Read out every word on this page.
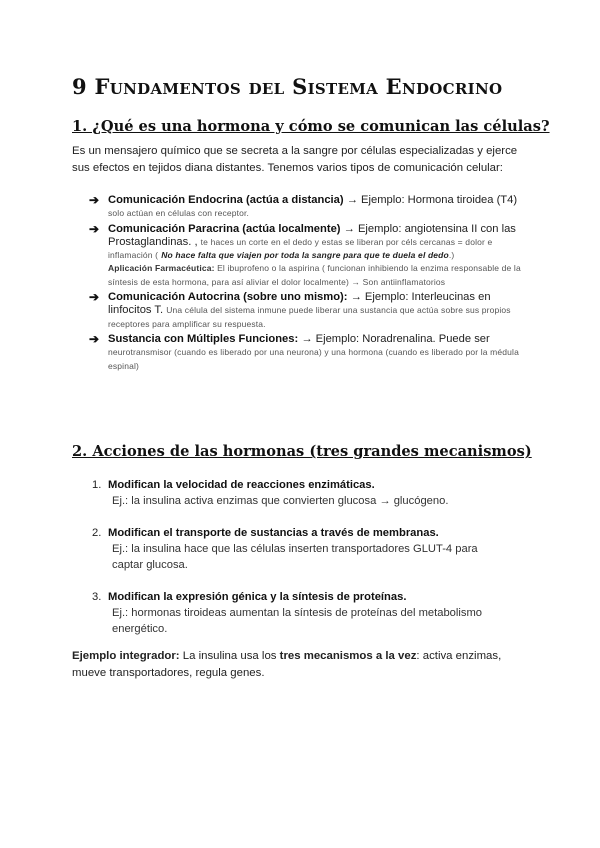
9 Fundamentos del Sistema Endocrino
1. ¿Qué es una hormona y cómo se comunican las células?
Es un mensajero químico que se secreta a la sangre por células especializadas y ejerce sus efectos en tejidos diana distantes. Tenemos varios tipos de comunicación celular:
➔ Comunicación Endocrina (actúa a distancia) → Ejemplo: Hormona tiroidea (T4)
solo actúan en células con receptor.
➔ Comunicación Paracrina (actúa localmente) → Ejemplo: angiotensina II con las Prostaglandinas. , te haces un corte en el dedo y estas se liberan por céls cercanas = dolor e inflamación ( No hace falta que viajen por toda la sangre para que te duela el dedo.)
Aplicación Farmacéutica: El ibuprofeno o la aspirina ( funcionan inhibiendo la enzima responsable de la síntesis de esta hormona, para así aliviar el dolor localmente) → Son antiinflamatorios
➔ Comunicación Autocrina (sobre uno mismo): → Ejemplo: Interleucinas en linfocitos T. Una célula del sistema inmune puede liberar una sustancia que actúa sobre sus propios receptores para amplificar su respuesta.
➔ Sustancia con Múltiples Funciones: → Ejemplo: Noradrenalina. Puede ser neurotransmisor (cuando es liberado por una neurona) y una hormona (cuando es liberado por la médula espinal)
2. Acciones de las hormonas (tres grandes mecanismos)
1. Modifican la velocidad de reacciones enzimáticas.
Ej.: la insulina activa enzimas que convierten glucosa → glucógeno.
2. Modifican el transporte de sustancias a través de membranas.
Ej.: la insulina hace que las células inserten transportadores GLUT-4 para captar glucosa.
3. Modifican la expresión génica y la síntesis de proteínas.
Ej.: hormonas tiroideas aumentan la síntesis de proteínas del metabolismo energético.
Ejemplo integrador: La insulina usa los tres mecanismos a la vez: activa enzimas, mueve transportadores, regula genes.
